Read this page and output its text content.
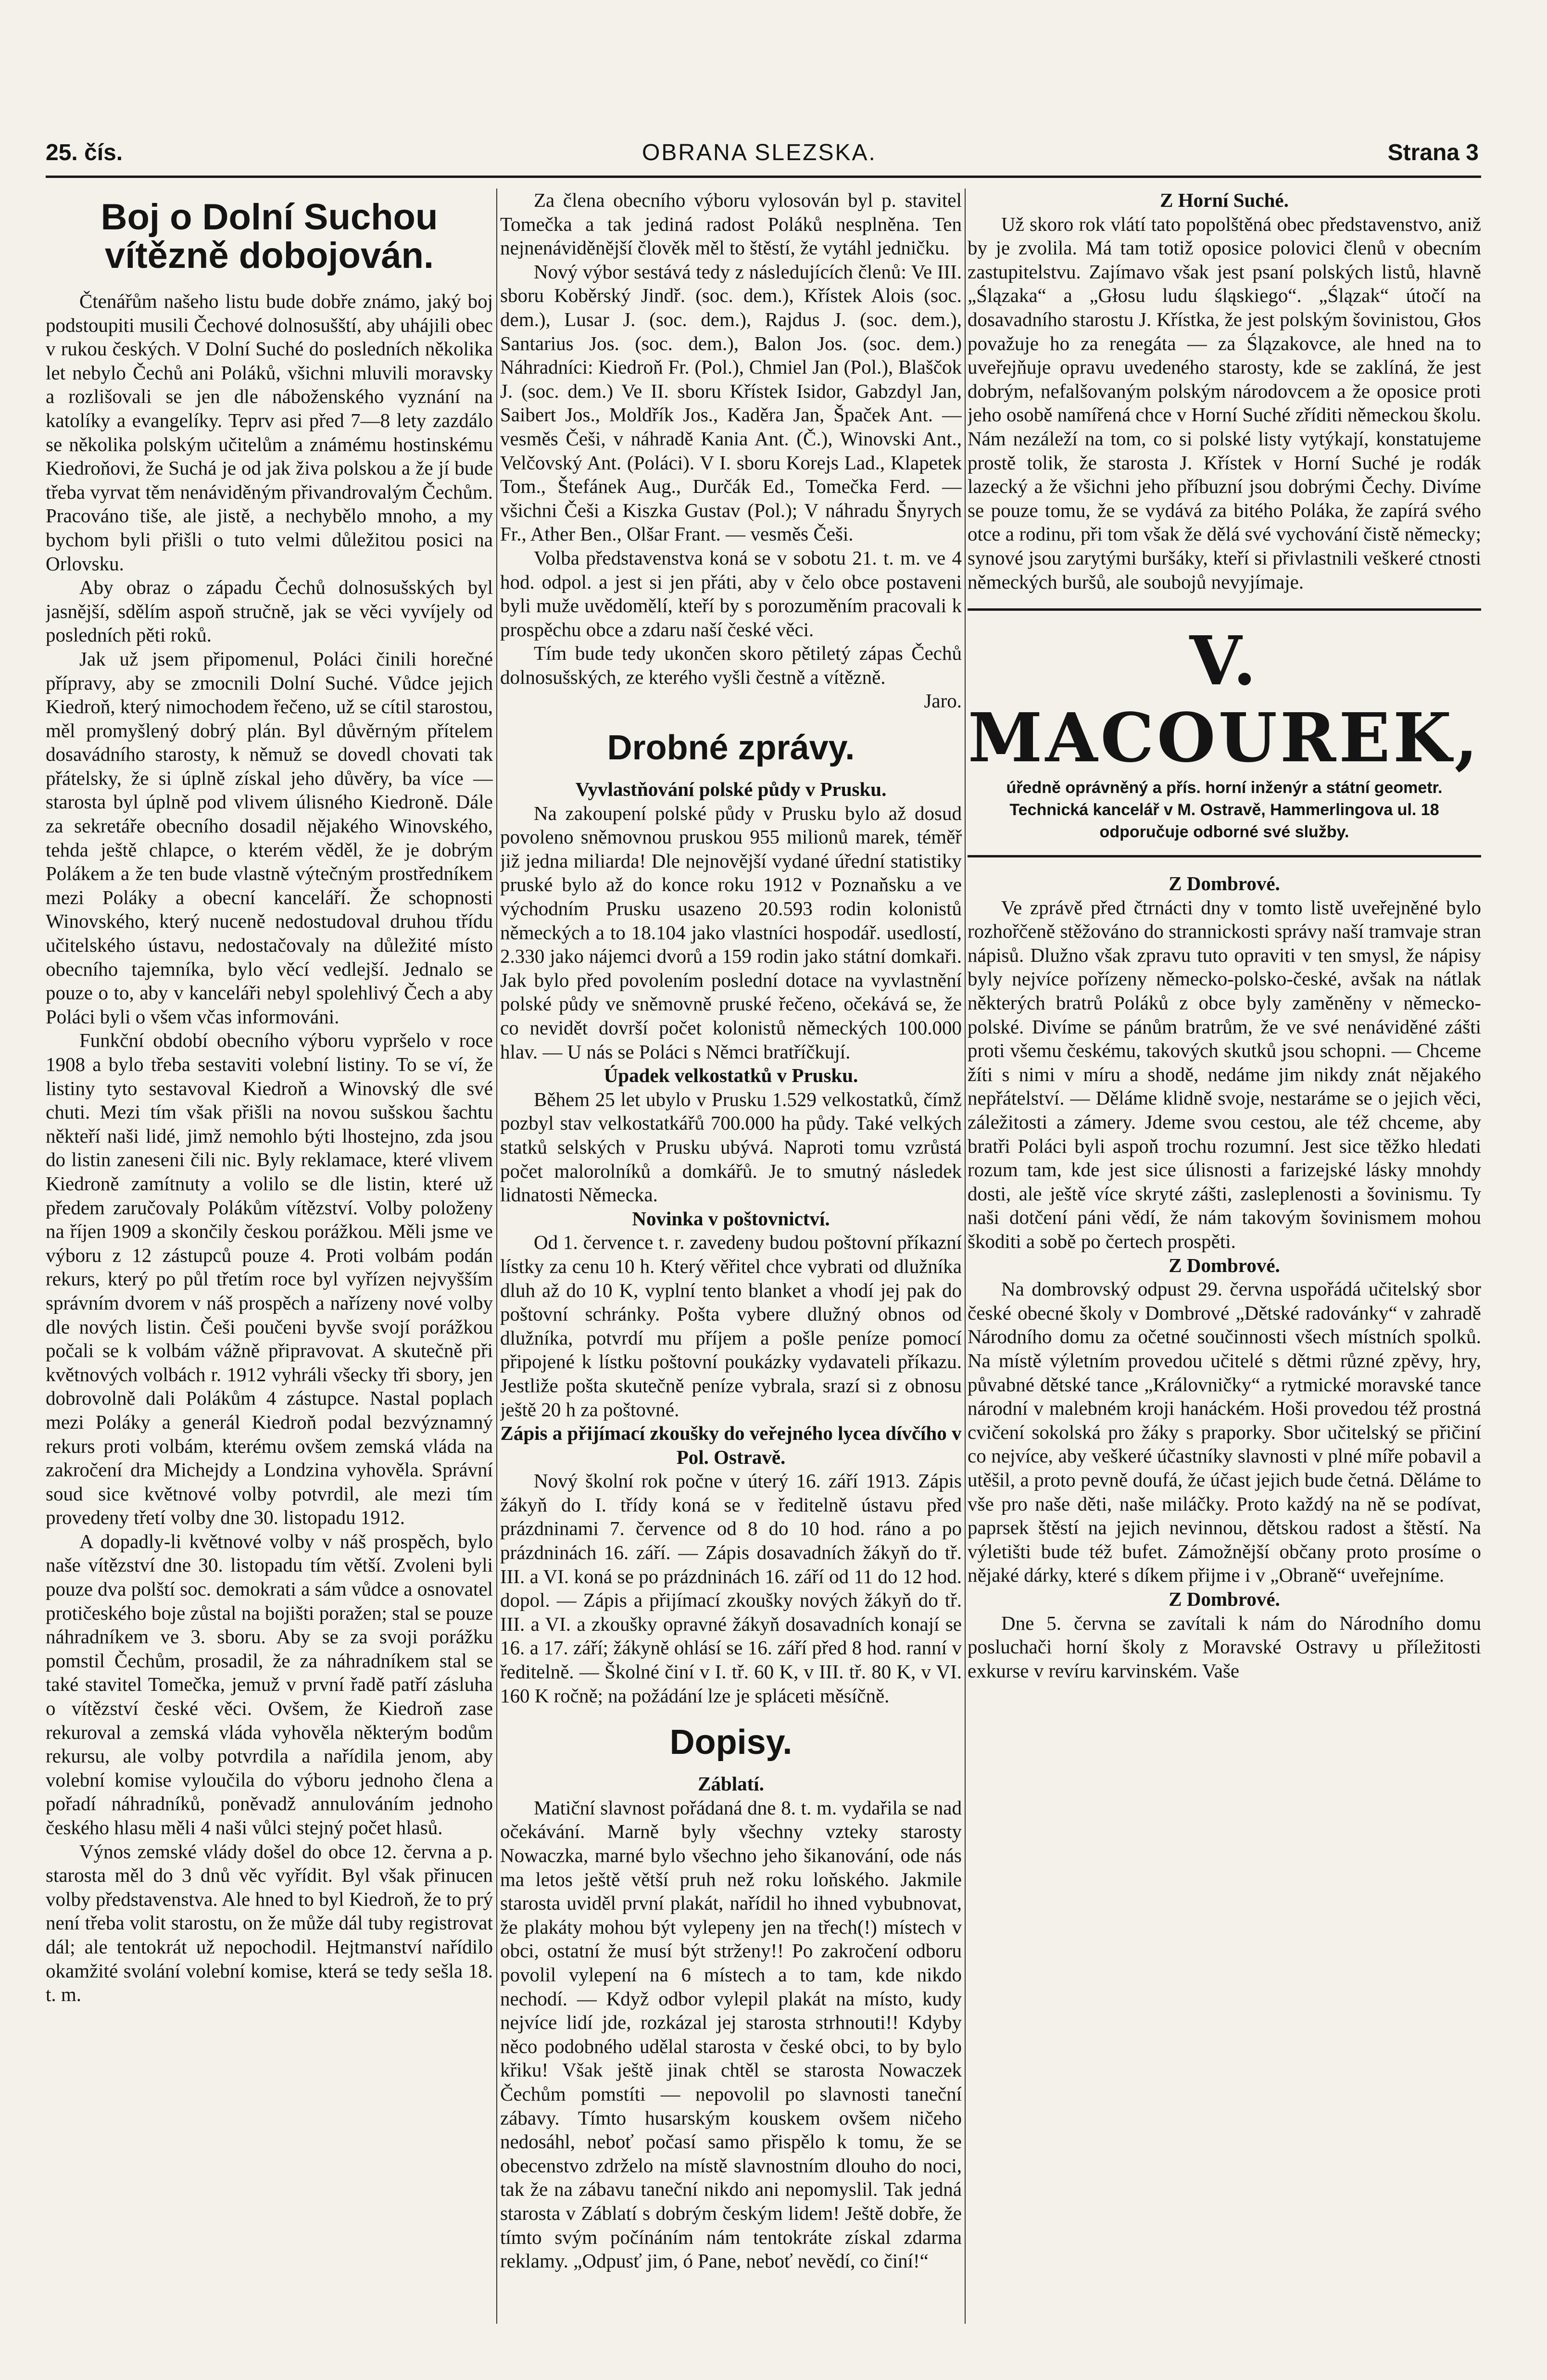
25. čís.	OBRANA SLEZSKA.	Strana 3
Boj o Dolní Suchou vítězně dobojován.

Čtenářům našeho listu bude dobře známo, jaký boj podstoupiti musili Čechové dolnosušští, aby uhájili obec v rukou českých. V Dolní Suché do posledních několika let nebylo Čechů ani Poláků, všichni mluvili moravsky a rozlišovali se jen dle náboženského vyznání na katolíky a evangelíky. Teprv asi před 7—8 lety zazdálo se několika polským učitelům a známému hostinskému Kiedroňovi, že Suchá je od jak živa polskou a že jí bude třeba vyrvat těm nenáviděným přivandrovalým Čechům. Pracováno tiše, ale jistě, a nechybělo mnoho, a my bychom byli přišli o tuto velmi důležitou posici na Orlovsku.

Aby obraz o západu Čechů dolnosušských byl jasnější, sdělím aspoň stručně, jak se věci vyvíjely od posledních pěti roků.

Jak už jsem připomenul, Poláci činili horečné přípravy, aby se zmocnili Dolní Suché. Vůdce jejich Kiedroň, který nimochodem řečeno, už se cítil starostou, měl promyšlený dobrý plán. Byl důvěrným přítelem dosavádního starosty, k němuž se dovedl chovati tak přátelsky, že si úplně získal jeho důvěry, ba více — starosta byl úplně pod vlivem úlisného Kiedroně. Dále za sekretáře obecního dosadil nějakého Winovského, tehda ještě chlapce, o kterém věděl, že je dobrým Polákem a že ten bude vlastně výtečným prostředníkem mezi Poláky a obecní kanceláří. Že schopnosti Winovského, který nuceně nedostudoval druhou třídu učitelského ústavu, nedostačovaly na důležité místo obecního tajemníka, bylo věcí vedlejší. Jednalo se pouze o to, aby v kanceláři nebyl spolehlivý Čech a aby Poláci byli o všem včas informováni.

Funkční období obecního výboru vypršelo v roce 1908 a bylo třeba sestaviti volební listiny. To se ví, že listiny tyto sestavoval Kiedroň a Winovský dle své chuti. Mezi tím však přišli na novou sušskou šachtu někteří naši lidé, jimž nemohlo býti lhostejno, zda jsou do listin zaneseni čili nic. Byly reklamace, které vlivem Kiedroně zamítnuty a volilo se dle listin, které už předem zaručovaly Polákům vítězství. Volby položeny na říjen 1909 a skončily českou porážkou. Měli jsme ve výboru z 12 zástupců pouze 4. Proti volbám podán rekurs, který po půl třetím roce byl vyřízen nejvyšším správním dvorem v náš prospěch a nařízeny nové volby dle nových listin. Češi poučeni byvše svojí porážkou počali se k volbám vážně připravovat. A skutečně při květnových volbách r. 1912 vyhráli všecky tři sbory, jen dobrovolně dali Polákům 4 zástupce. Nastal poplach mezi Poláky a generál Kiedroň podal bezvýznamný rekurs proti volbám, kterému ovšem zemská vláda na zakročení dra Michejdy a Londzina vyhověla. Správní soud sice květnové volby potvrdil, ale mezi tím provedeny třetí volby dne 30. listopadu 1912.

A dopadly-li květnové volby v náš prospěch, bylo naše vítězství dne 30. listopadu tím větší. Zvoleni byli pouze dva polští soc. demokrati a sám vůdce a osnovatel protičeského boje zůstal na bojišti poražen; stal se pouze náhradníkem ve 3. sboru. Aby se za svoji porážku pomstil Čechům, prosadil, že za náhradníkem stal se také stavitel Tomečka, jemuž v první řadě patří zásluha o vítězství české věci. Ovšem, že Kiedroň zase rekuroval a zemská vláda vyhověla některým bodům rekursu, ale volby potvrdila a nařídila jenom, aby volební komise vyloučila do výboru jednoho člena a pořadí náhradníků, poněvadž annulováním jednoho českého hlasu měli 4 naši vůlci stejný počet hlasů.

Výnos zemské vlády došel do obce 12. června a p. starosta měl do 3 dnů věc vyřídit. Byl však přinucen volby představenstva. Ale hned to byl Kiedroň, že to prý není třeba volit starostu, on že může dál tuby registrovat dál; ale tentokrát už nepochodil. Hejtmanství nařídilo okamžité svolání volební komise, která se tedy sešla 18. t. m.

Za člena obecního výboru vylosován byl p. stavitel Tomečka a tak jediná radost Poláků nesplněna. Ten nejnenáviděnější člověk měl to štěstí, že vytáhl jedničku.

Nový výbor sestává tedy z následujících členů: Ve III. sboru Koběrský Jindř. (soc. dem.), Křístek Alois (soc. dem.), Lusar J. (soc. dem.), Rajdus J. (soc. dem.), Santarius Jos. (soc. dem.), Balon Jos. (soc. dem.) Náhradníci: Kiedroň Fr. (Pol.), Chmiel Jan (Pol.), Blaščok J. (soc. dem.) Ve II. sboru Křístek Isidor, Gabzdyl Jan, Saibert Jos., Moldřík Jos., Kaděra Jan, Špaček Ant. — vesměs Češi, v náhradě Kania Ant. (Č.), Winovski Ant., Velčovský Ant. (Poláci). V I. sboru Korejs Lad., Klapetek Tom., Štefánek Aug., Durčák Ed., Tomečka Ferd. — všichni Češi a Kiszka Gustav (Pol.); V náhradu Šnyrych Fr., Ather Ben., Olšar Frant. — vesměs Češi.

Volba představenstva koná se v sobotu 21. t. m. ve 4 hod. odpol. a jest si jen přáti, aby v čelo obce postaveni byli muže uvědomělí, kteří by s porozuměním pracovali k prospěchu obce a zdaru naší české věci.

Tím bude tedy ukončen skoro pětiletý zápas Čechů dolnosušských, ze kterého vyšli čestně a vítězně.

Jaro.

Drobné zprávy.

Vyvlastňování polské půdy v Prusku.

Na zakoupení polské půdy v Prusku bylo až dosud povoleno sněmovnou pruskou 955 milionů marek, téměř již jedna miliarda! Dle nejnovější vydané úřední statistiky pruské bylo až do konce roku 1912 v Poznaňsku a ve východním Prusku usazeno 20.593 rodin kolonistů německých a to 18.104 jako vlastníci hospodář. usedlostí, 2.330 jako nájemci dvorů a 159 rodin jako státní domkaři. Jak bylo před povolením poslední dotace na vyvlastnění polské půdy ve sněmovně pruské řečeno, očekává se, že co nevidět dovrší počet kolonistů německých 100.000 hlav. — U nás se Poláci s Němci bratříčkují.

Úpadek velkostatků v Prusku.

Během 25 let ubylo v Prusku 1.529 velkostatků, čímž pozbyl stav velkostatkářů 700.000 ha půdy. Také velkých statků selských v Prusku ubývá. Naproti tomu vzrůstá počet malorolníků a domkářů. Je to smutný následek lidnatosti Německa.

Novinka v poštovnictví.

Od 1. července t. r. zavedeny budou poštovní příkazní lístky za cenu 10 h. Který věřitel chce vybrati od dlužníka dluh až do 10 K, vyplní tento blanket a vhodí jej pak do poštovní schránky. Pošta vybere dlužný obnos od dlužníka, potvrdí mu příjem a pošle peníze pomocí připojené k lístku poštovní poukázky vydavateli příkazu. Jestliže pošta skutečně peníze vybrala, srazí si z obnosu ještě 20 h za poštovné.

Zápis a přijímací zkoušky do veřejného lycea dívčího v Pol. Ostravě.

Nový školní rok počne v úterý 16. září 1913. Zápis žákyň do I. třídy koná se v ředitelně ústavu před prázdninami 7. července od 8 do 10 hod. ráno a po prázdninách 16. září. — Zápis dosavadních žákyň do tř. III. a VI. koná se po prázdninách 16. září od 11 do 12 hod. dopol. — Zápis a přijímací zkoušky nových žákyň do tř. III. a VI. a zkoušky opravné žákyň dosavadních konají se 16. a 17. září; žákyně ohlásí se 16. září před 8 hod. ranní v ředitelně. — Školné činí v I. tř. 60 K, v III. tř. 80 K, v VI. 160 K ročně; na požádání lze je spláceti měsíčně.

Dopisy.

Záblatí.

Matiční slavnost pořádaná dne 8. t. m. vydařila se nad očekávání. Marně byly všechny vzteky starosty Nowaczka, marné bylo všechno jeho šikanování, ode nás ma letos ještě větší pruh než roku loňského. Jakmile starosta uviděl první plakát, nařídil ho ihned vybubnovat, že plakáty mohou být vylepeny jen na třech(!) místech v obci, ostatní že musí být strženy!! Po zakročení odboru povolil vylepení na 6 místech a to tam, kde nikdo nechodí. — Když odbor vylepil plakát na místo, kudy nejvíce lidí jde, rozkázal jej starosta strhnouti!! Kdyby něco podobného udělal starosta v české obci, to by bylo křiku! Však ještě jinak chtěl se starosta Nowaczek Čechům pomstíti — nepovolil po slavnosti taneční zábavy. Tímto husarským kouskem ovšem ničeho nedosáhl, neboť počasí samo přispělo k tomu, že se obecenstvo zdrželo na místě slavnostním dlouho do noci, tak že na zábavu taneční nikdo ani nepomyslil. Tak jedná starosta v Záblatí s dobrým českým lidem! Ještě dobře, že tímto svým počínáním nám tentokráte získal zdarma reklamy. „Odpusť jim, ó Pane, neboť nevědí, co činí!“

Z Horní Suché.

Už skoro rok vlátí tato popolštěná obec představenstvo, aniž by je zvolila. Má tam totiž oposice polovici členů v obecním zastupitelstvu. Zajímavo však jest psaní polských listů, hlavně „Ślązaka“ a „Głosu ludu śląskiego“. „Ślązak“ útočí na dosavadního starostu J. Křístka, že jest polským šovinistou, Głos považuje ho za renegáta — za Ślązakovce, ale hned na to uveřejňuje opravu uvedeného starosty, kde se zaklíná, že jest dobrým, nefalšovaným polským národovcem a že oposice proti jeho osobě namířená chce v Horní Suché zříditi německou školu. Nám nezáleží na tom, co si polské listy vytýkají, konstatujeme prostě tolik, že starosta J. Křístek v Horní Suché je rodák lazecký a že všichni jeho příbuzní jsou dobrými Čechy. Divíme se pouze tomu, že se vydává za bitého Poláka, že zapírá svého otce a rodinu, při tom však že dělá své vychování čistě německy; synové jsou zarytými buršáky, kteří si přivlastnili veškeré ctnosti německých buršů, ale soubojů nevyjímaje.

V. MACOUREK,
úředně oprávněný a přís. horní inženýr a státní geometr.
Technická kancelář v M. Ostravě, Hammerlingova ul. 18
odporučuje odborné své služby.

Z Dombrové.

Ve zprávě před čtrnácti dny v tomto listě uveřejněné bylo rozhořčeně stěžováno do strannickosti správy naší tramvaje stran nápisů. Dlužno však zpravu tuto opraviti v ten smysl, že nápisy byly nejvíce pořízeny německo-polsko-české, avšak na nátlak některých bratrů Poláků z obce byly zaměněny v německo-polské. Divíme se pánům bratrům, že ve své nenáviděné zášti proti všemu českému, takových skutků jsou schopni. — Chceme žíti s nimi v míru a shodě, nedáme jim nikdy znát nějakého nepřátelství. — Děláme klidně svoje, nestaráme se o jejich věci, záležitosti a zámery. Jdeme svou cestou, ale též chceme, aby bratři Poláci byli aspoň trochu rozumní. Jest sice těžko hledati rozum tam, kde jest sice úlisnosti a farizejské lásky mnohdy dosti, ale ještě více skryté zášti, zasleplenosti a šovinismu. Ty naši dotčení páni vědí, že nám takovým šovinismem mohou škoditi a sobě po čertech prospěti.

Z Dombrové.

Na dombrovský odpust 29. června uspořádá učitelský sbor české obecné školy v Dombrové „Dětské radovánky“ v zahradě Národního domu za očetné součinnosti všech místních spolků. Na místě výletním provedou učitelé s dětmi různé zpěvy, hry, půvabné dětské tance „Královničky“ a rytmické moravské tance národní v malebném kroji hanáckém. Hoši provedou též prostná cvičení sokolská pro žáky s praporky. Sbor učitelský se přičiní co nejvíce, aby veškeré účastníky slavnosti v plné míře pobavil a utěšil, a proto pevně doufá, že účast jejich bude četná. Děláme to vše pro naše děti, naše miláčky. Proto každý na ně se podívat, paprsek štěstí na jejich nevinnou, dětskou radost a štěstí. Na výletišti bude též bufet. Zámožnější občany proto prosíme o nějaké dárky, které s díkem přijme i v „Obraně“ uveřejníme.

Z Dombrové.

Dne 5. června se zavítali k nám do Národního domu posluchači horní školy z Moravské Ostravy u příležitosti exkurse v revíru karvinském. Vaše
